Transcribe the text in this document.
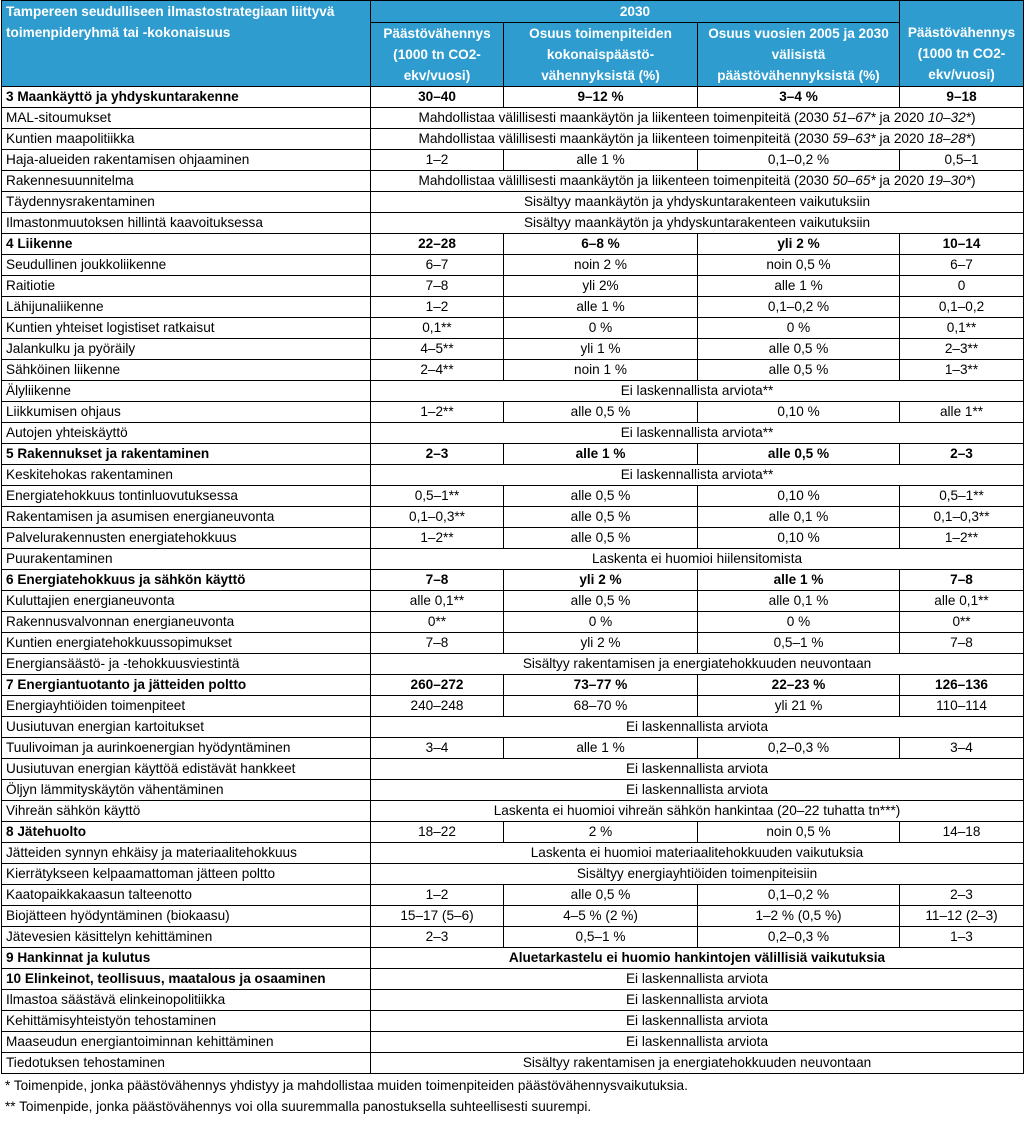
Tampereen seudulliseen ilmastostrategiaan liittyvä toimenpideryhmä tai -kokonaisuus	2030			Päästövähennys (1000 tn CO2-ekv/vuosi)
	Päästövähennys (1000 tn CO2-ekv/vuosi)	Osuus toimenpiteiden kokonaispäästö-vähennyksistä (%)	Osuus vuosien 2005 ja 2030 välisistä päästövähennyksistä (%)	
3 Maankäyttö ja yhdyskuntarakenne	30–40	9–12 %	3–4 %	9–18
MAL-sitoumukset	Mahdollistaa välillisesti maankäytön ja liikenteen toimenpiteitä (2030 51–67* ja 2020 10–32*)			
Kuntien maapolitiikka	Mahdollistaa välillisesti maankäytön ja liikenteen toimenpiteitä (2030 59–63* ja 2020 18–28*)			
Haja-alueiden rakentamisen ohjaaminen	1–2	alle 1 %	0,1–0,2 %	0,5–1
Rakennesuunnitelma	Mahdollistaa välillisesti maankäytön ja liikenteen toimenpiteitä (2030 50–65* ja 2020 19–30*)			
Täydennysrakentaminen	Sisältyy maankäytön ja yhdyskuntarakenteen vaikutuksiin			
Ilmastonmuutoksen hillintä kaavoituksessa	Sisältyy maankäytön ja yhdyskuntarakenteen vaikutuksiin			
4 Liikenne	22–28	6–8 %	yli 2 %	10–14
Seudullinen joukkoliikenne	6–7	noin 2 %	noin 0,5 %	6–7
Raitiotie	7–8	yli 2%	alle 1 %	0
Lähijunaliikenne	1–2	alle 1 %	0,1–0,2 %	0,1–0,2
Kuntien yhteiset logistiset ratkaisut	0,1**	0 %	0 %	0,1**
Jalankulku ja pyöräily	4–5**	yli 1 %	alle 0,5 %	2–3**
Sähköinen liikenne	2–4**	noin 1 %	alle 0,5 %	1–3**
Älyliikenne	Ei laskennallista arviota**			
Liikkumisen ohjaus	1–2**	alle 0,5 %	0,10 %	alle 1**
Autojen yhteiskäyttö	Ei laskennallista arviota**			
5 Rakennukset ja rakentaminen	2–3	alle 1 %	alle 0,5 %	2–3
Keskitehokas rakentaminen	Ei laskennallista arviota**			
Energiatehokkuus tontinluovutuksessa	0,5–1**	alle 0,5 %	0,10 %	0,5–1**
Rakentamisen ja asumisen energianeuvonta	0,1–0,3**	alle 0,5 %	alle 0,1 %	0,1–0,3**
Palvelurakennusten energiatehokkuus	1–2**	alle 0,5 %	0,10 %	1–2**
Puurakentaminen	Laskenta ei huomioi hiilensitomista			
6 Energiatehokkuus ja sähkön käyttö	7–8	yli 2 %	alle 1 %	7–8
Kuluttajien energianeuvonta	alle 0,1**	alle 0,5 %	alle 0,1 %	alle 0,1**
Rakennusvalvonnan energianeuvonta	0**	0 %	0 %	0**
Kuntien energiatehokkuussopimukset	7–8	yli 2 %	0,5–1 %	7–8
Energiansäästö- ja -tehokkuusviestintä	Sisältyy rakentamisen ja energiatehokkuuden neuvontaan			
7 Energiantuotanto ja jätteiden poltto	260–272	73–77 %	22–23 %	126–136
Energiayhtiöiden toimenpiteet	240–248	68–70 %	yli 21 %	110–114
Uusiutuvan energian kartoitukset	Ei laskennallista arviota			
Tuulivoiman ja aurinkoenergian hyödyntäminen	3–4	alle 1 %	0,2–0,3 %	3–4
Uusiutuvan energian käyttöä edistävät hankkeet	Ei laskennallista arviota			
Öljyn lämmityskäytön vähentäminen	Ei laskennallista arviota			
Vihreän sähkön käyttö	Laskenta ei huomioi vihreän sähkön hankintaa (20–22 tuhatta tn***)			
8 Jätehuolto	18–22	2 %	noin 0,5 %	14–18
Jätteiden synnyn ehkäisy ja materiaalitehokkuus	Laskenta ei huomioi materiaalitehokkuuden vaikutuksia			
Kierrätykseen kelpaamattoman jätteen poltto	Sisältyy energiayhtiöiden toimenpiteisiin			
Kaatopaikkakaasun talteenotto	1–2	alle 0,5 %	0,1–0,2 %	2–3
Biojätteen hyödyntäminen (biokaasu)	15–17 (5–6)	4–5 % (2 %)	1–2 % (0,5 %)	11–12 (2–3)
Jätevesien käsittelyn kehittäminen	2–3	0,5–1 %	0,2–0,3 %	1–3
9 Hankinnat ja kulutus	Aluetarkastelu ei huomio hankintojen välillisiä vaikutuksia			
10 Elinkeinot, teollisuus, maatalous ja osaaminen	Ei laskennallista arviota			
Ilmastoa säästävä elinkeinopolitiikka	Ei laskennallista arviota			
Kehittämisyhteistyön tehostaminen	Ei laskennallista arviota			
Maaseudun energiantoiminnan kehittäminen	Ei laskennallista arviota			
Tiedotuksen tehostaminen	Sisältyy rakentamisen ja energiatehokkuuden neuvontaan			
* Toimenpide, jonka päästövähennys yhdistyy ja mahdollistaa muiden toimenpiteiden päästövähennysvaikutuksia.
** Toimenpide, jonka päästövähennys voi olla suuremmalla panostuksella suhteellisesti suurempi.
